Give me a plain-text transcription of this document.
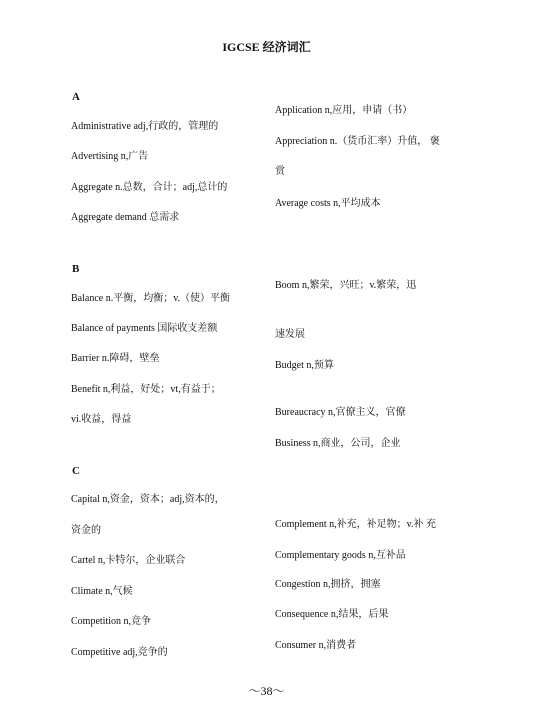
IGCSE 经济词汇
A
Administrative adj,行政的，管理的
Advertising n,广告
Aggregate n.总数，合计；adj,总计的
Aggregate demand 总需求
Application n,应用，申请（书）
Appreciation n.（货币汇率）升值， 褒
赏
Average costs n,平均成本
B
Balance n.平衡，均衡；v.（使）平衡
Balance of payments 国际收支差额
Barrier n.障碍，壁垒
Benefit n,利益，好处；vt,有益于；
vi.收益，得益
Boom n,繁荣，兴旺；v.繁荣，迅
速发展
Budget n,预算
Bureaucracy n,官僚主义，官僚
Business n,商业，公司，企业
C
Capital n,资金，资本；adj,资本的，
资金的
Cartel n,卡特尔，企业联合
Climate n,气候
Competition n,竞争
Competitive adj,竞争的
Complement n,补充，补足物；v.补 充
Complementary goods n,互补品
Congestion n,拥挤，拥塞
Consequence n,结果，后果
Consumer n,消费者
～38～
